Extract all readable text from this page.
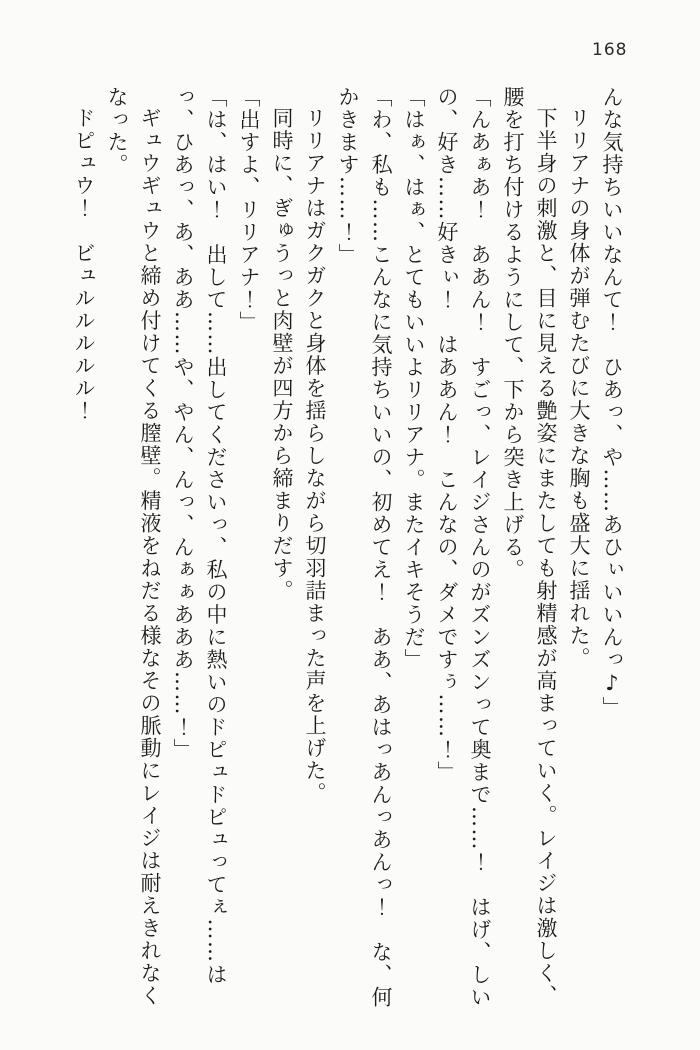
168

んな気持ちいいなんて！　ひあっ、や……あひぃいいんっ♪」

リリアナの身体が弾むたびに大きな胸も盛大に揺れた。

下半身の刺激と、目に見える艶姿にまたしても射精感が高まっていく。レイジは激しく、腰を打ち付けるようにして、下から突き上げる。

「んあぁあ！　ああん！　すごっ、レイジさんのがズンズンって奥まで……！　はげ、しいの、好き……好きぃ！　はああん！　こんなの、ダメですぅ……！」

「はぁ、はぁ、とてもいいよリリアナ。またイキそうだ」

「わ、私も……こんなに気持ちいいの、初めてえ！　ああ、あはっあんっあんっ！　な、何かきます……！」

リリアナはガクガクと身体を揺らしながら切羽詰まった声を上げた。

同時に、ぎゅうっと肉壁が四方から締まりだす。

「出すよ、リリアナ！」

「は、はい！　出して……出してくださいっ、私の中に熱いのドピュドピュってぇ……はっ、ひあっ、あ、ああ……や、やん、んっ、んぁぁあああ……！」

ギュウギュウと締め付けてくる膣壁。精液をねだる様なその脈動にレイジは耐えきれなくなった。

ドピュウ！　ビュルルルルル！
